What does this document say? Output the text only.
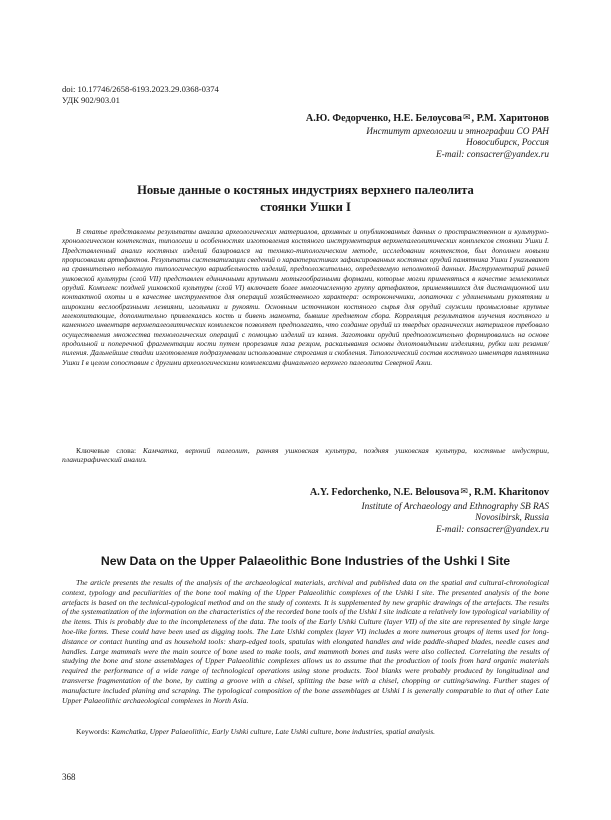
doi: 10.17746/2658-6193.2023.29.0368-0374
УДК 902/903.01
А.Ю. Федорченко, Н.Е. Белоусова✉, Р.М. Харитонов
Институт археологии и этнографии СО РАН
Новосибирск, Россия
E-mail: consacrer@yandex.ru
Новые данные о костяных индустриях верхнего палеолита
стоянки Ушки I
В статье представлены результаты анализа археологических материалов, архивных и опубликованных данных о пространственном и культурно-хронологическом контекстах, типологии и особенностях изготовления костяного инструментария верхнепалеолитических комплексов стоянки Ушки I. Представленный анализ костяных изделий базировался на технико-типологическом методе, исследовании контекстов, был дополнен новыми прорисовками артефактов. Результаты систематизации сведений о характеристиках зафиксированных костяных орудий памятника Ушки I указывают на сравнительно небольшую типологическую вариабельность изделий, предположительно, определяемую неполнотой данных. Инструментарий ранней ушковской культуры (слой VII) представлен единичными крупными мотыгообразными формами, которые могли применяться в качестве землекопных орудий. Комплекс поздней ушковской культуры (слой VI) включает более многочисленную группу артефактов, применявшихся для дистанционной или контактной охоты и в качестве инструментов для операций хозяйственного характера: остроконечники, лопаточки с удлиненными рукоятями и широкими веслообразными лезвиями, игольники и рукояти. Основным источником костяного сырья для орудий служили промысловые крупные млекопитающие, дополнительно привлекалась кость и бивень мамонта, бывшие предметом сбора. Корреляция результатов изучения костяного и каменного инвентаря верхнепалеолитических комплексов позволяет предполагать, что создание орудий из твердых органических материалов требовало осуществления множества технологических операций с помощью изделий из камня. Заготовки орудий предположительно формировались на основе продольной и поперечной фрагментации кости путем прорезания паза резцом, раскалывания основы долотовидными изделиями, рубки или резания/пиления. Дальнейшие стадии изготовления подразумевали использование строгания и скобления. Типологический состав костяного инвентаря памятника Ушки I в целом сопоставим с другими археологическими комплексами финального верхнего палеолита Северной Азии.
Ключевые слова: Камчатка, верхний палеолит, ранняя ушковская культура, поздняя ушковская культура, костяные индустрии, планиграфический анализ.
A.Y. Fedorchenko, N.E. Belousova✉, R.M. Kharitonov
Institute of Archaeology and Ethnography SB RAS
Novosibirsk, Russia
E-mail: consacrer@yandex.ru
New Data on the Upper Palaeolithic Bone Industries of the Ushki I Site
The article presents the results of the analysis of the archaeological materials, archival and published data on the spatial and cultural-chronological context, typology and peculiarities of the bone tool making of the Upper Palaeolithic complexes of the Ushki I site. The presented analysis of the bone artefacts is based on the technical-typological method and on the study of contexts. It is supplemented by new graphic drawings of the artefacts. The results of the systematization of the information on the characteristics of the recorded bone tools of the Ushki I site indicate a relatively low typological variability of the items. This is probably due to the incompleteness of the data. The tools of the Early Ushki Culture (layer VII) of the site are represented by single large hoe-like forms. These could have been used as digging tools. The Late Ushki complex (layer VI) includes a more numerous groups of items used for long-distance or contact hunting and as household tools: sharp-edged tools, spatulas with elongated handles and wide paddle-shaped blades, needle cases and handles. Large mammals were the main source of bone used to make tools, and mammoth bones and tusks were also collected. Correlating the results of studying the bone and stone assemblages of Upper Palaeolithic complexes allows us to assume that the production of tools from hard organic materials required the performance of a wide range of technological operations using stone products. Tool blanks were probably produced by longitudinal and transverse fragmentation of the bone, by cutting a groove with a chisel, splitting the base with a chisel, chopping or cutting/sawing. Further stages of manufacture included planing and scraping. The typological composition of the bone assemblages at Ushki I is generally comparable to that of other Late Upper Palaeolithic archaeological complexes in North Asia.
Keywords: Kamchatka, Upper Palaeolithic, Early Ushki culture, Late Ushki culture, bone industries, spatial analysis.
368
